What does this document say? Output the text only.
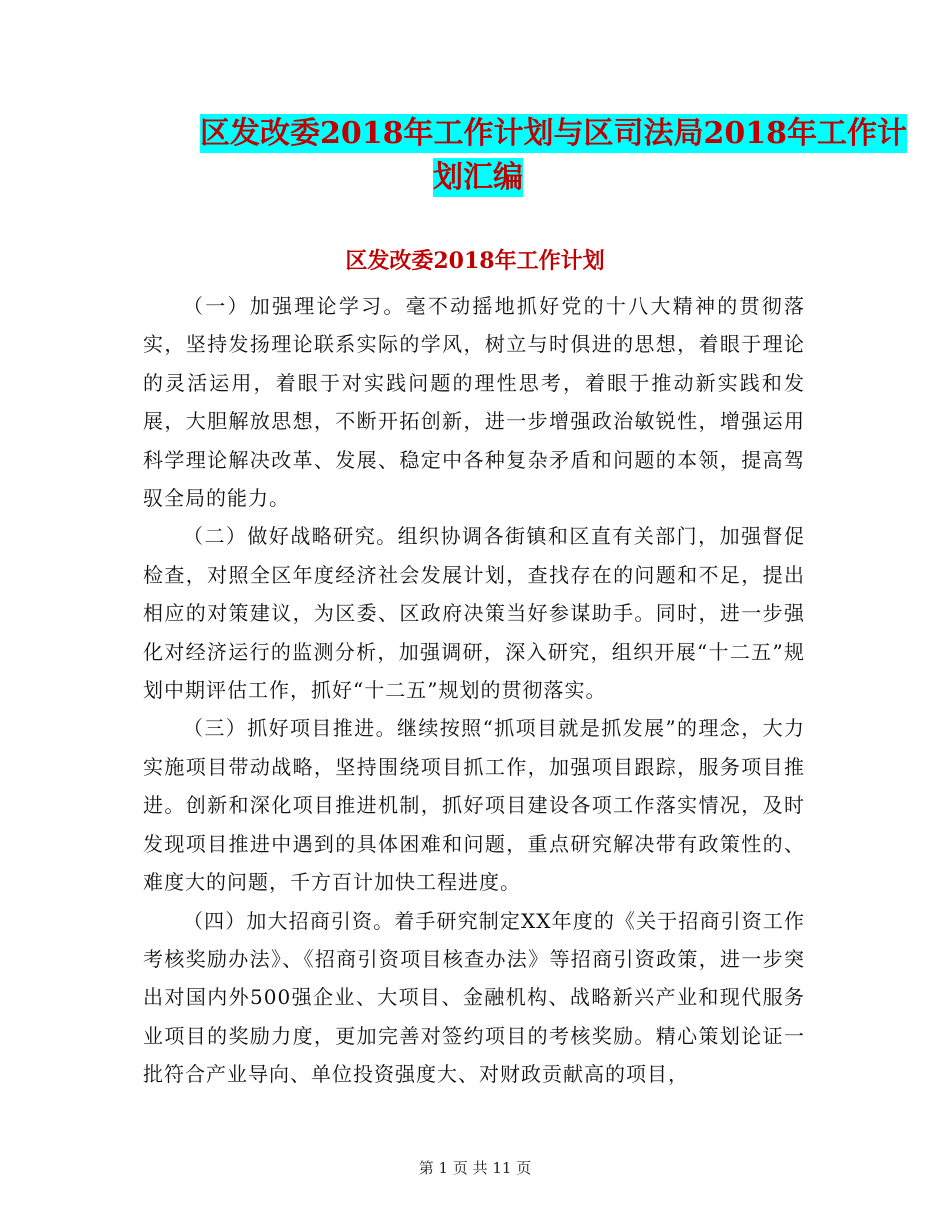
区发改委2018年工作计划与区司法局2018年工作计
划汇编
区发改委2018年工作计划

（一）加强理论学习。毫不动摇地抓好党的十八大精神的贯彻落实，坚持发扬理论联系实际的学风，树立与时俱进的思想，着眼于理论的灵活运用，着眼于对实践问题的理性思考，着眼于推动新实践和发展，大胆解放思想，不断开拓创新，进一步增强政治敏锐性，增强运用科学理论解决改革、发展、稳定中各种复杂矛盾和问题的本领，提高驾驭全局的能力。

（二）做好战略研究。组织协调各街镇和区直有关部门，加强督促检查，对照全区年度经济社会发展计划，查找存在的问题和不足，提出相应的对策建议，为区委、区政府决策当好参谋助手。同时，进一步强化对经济运行的监测分析，加强调研，深入研究，组织开展“十二五”规划中期评估工作，抓好“十二五”规划的贯彻落实。

（三）抓好项目推进。继续按照“抓项目就是抓发展”的理念，大力实施项目带动战略，坚持围绕项目抓工作，加强项目跟踪，服务项目推进。创新和深化项目推进机制，抓好项目建设各项工作落实情况，及时发现项目推进中遇到的具体困难和问题，重点研究解决带有政策性的、难度大的问题，千方百计加快工程进度。

（四）加大招商引资。着手研究制定XX年度的《关于招商引资工作考核奖励办法》、《招商引资项目核查办法》等招商引资政策，进一步突出对国内外500强企业、大项目、金融机构、战略新兴产业和现代服务业项目的奖励力度，更加完善对签约项目的考核奖励。精心策划论证一批符合产业导向、单位投资强度大、对财政贡献高的项目，

第 1 页 共 11 页
